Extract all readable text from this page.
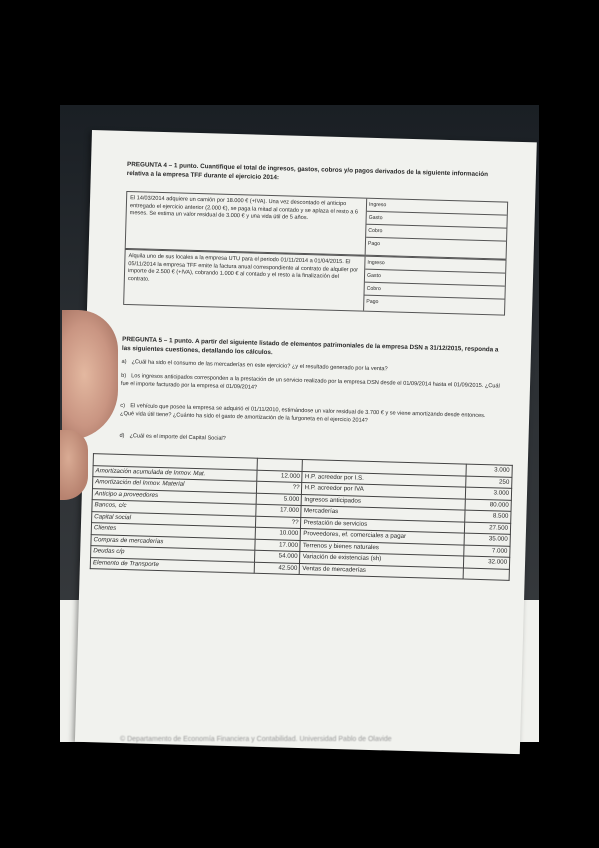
PREGUNTA 4 – 1 punto. Cuantifique el total de ingresos, gastos, cobros y/o pagos derivados de la siguiente información relativa a la empresa TFF durante el ejercicio 2014:
El 14/03/2014 adquiere un camión por 18.000 € (+IVA). Una vez descontado el anticipo entregado el ejercicio anterior (2.000 €), se paga la mitad al contado y se aplaza el resto a 6 meses. Se estima un valor residual de 3.000 € y una vida útil de 5 años.
Ingreso
Gasto
Cobro
Pago
Alquila uno de sus locales a la empresa UTU para el periodo 01/11/2014 a 01/04/2015. El 05/11/2014 la empresa TFF emite la factura anual correspondiente al contrato de alquiler por importe de 2.500 € (+IVA), cobrando 1.000 € al contado y el resto a la finalización del contrato.
Ingreso
Gasto
Cobro
Pago
PREGUNTA 5 – 1 punto. A partir del siguiente listado de elementos patrimoniales de la empresa DSN a 31/12/2015, responda a las siguientes cuestiones, detallando los cálculos.
a) ¿Cuál ha sido el consumo de las mercaderías en este ejercicio? ¿y el resultado generado por la venta?
b) Los ingresos anticipados corresponden a la prestación de un servicio realizado por la empresa DSN desde el 01/09/2014 hasta el 01/09/2015. ¿Cuál fue el importe facturado por la empresa el 01/09/2014?
c) El vehículo que posee la empresa se adquirió el 01/11/2010, estimándose un valor residual de 3.700 € y se viene amortizando desde entonces. ¿Qué vida útil tiene? ¿Cuánto ha sido el gasto de amortización de la furgoneta en el ejercicio 2014?
d) ¿Cuál es el importe del Capital Social?
			3.000
Amortización acumulada de Inmov. Mat.	12.000	H.P. acreedor por I.S.	250
Amortización del Inmov. Material	??	H.P. acreedor por IVA	3.000
Anticipo a proveedores	5.000	Ingresos anticipados	80.000
Bancos, c/c	17.000	Mercaderías	8.500
Capital social	??	Prestación de servicios	27.500
Clientes	10.000	Proveedores, ef. comerciales a pagar	35.000
Compras de mercaderías	17.000	Terrenos y bienes naturales	7.000
Deudas c/p	54.000	Variación de existencias (sh)	32.000
Elemento de Transporte	42.500	Ventas de mercaderías	
© Departamento de Economía Financiera y Contabilidad. Universidad Pablo de Olavide
